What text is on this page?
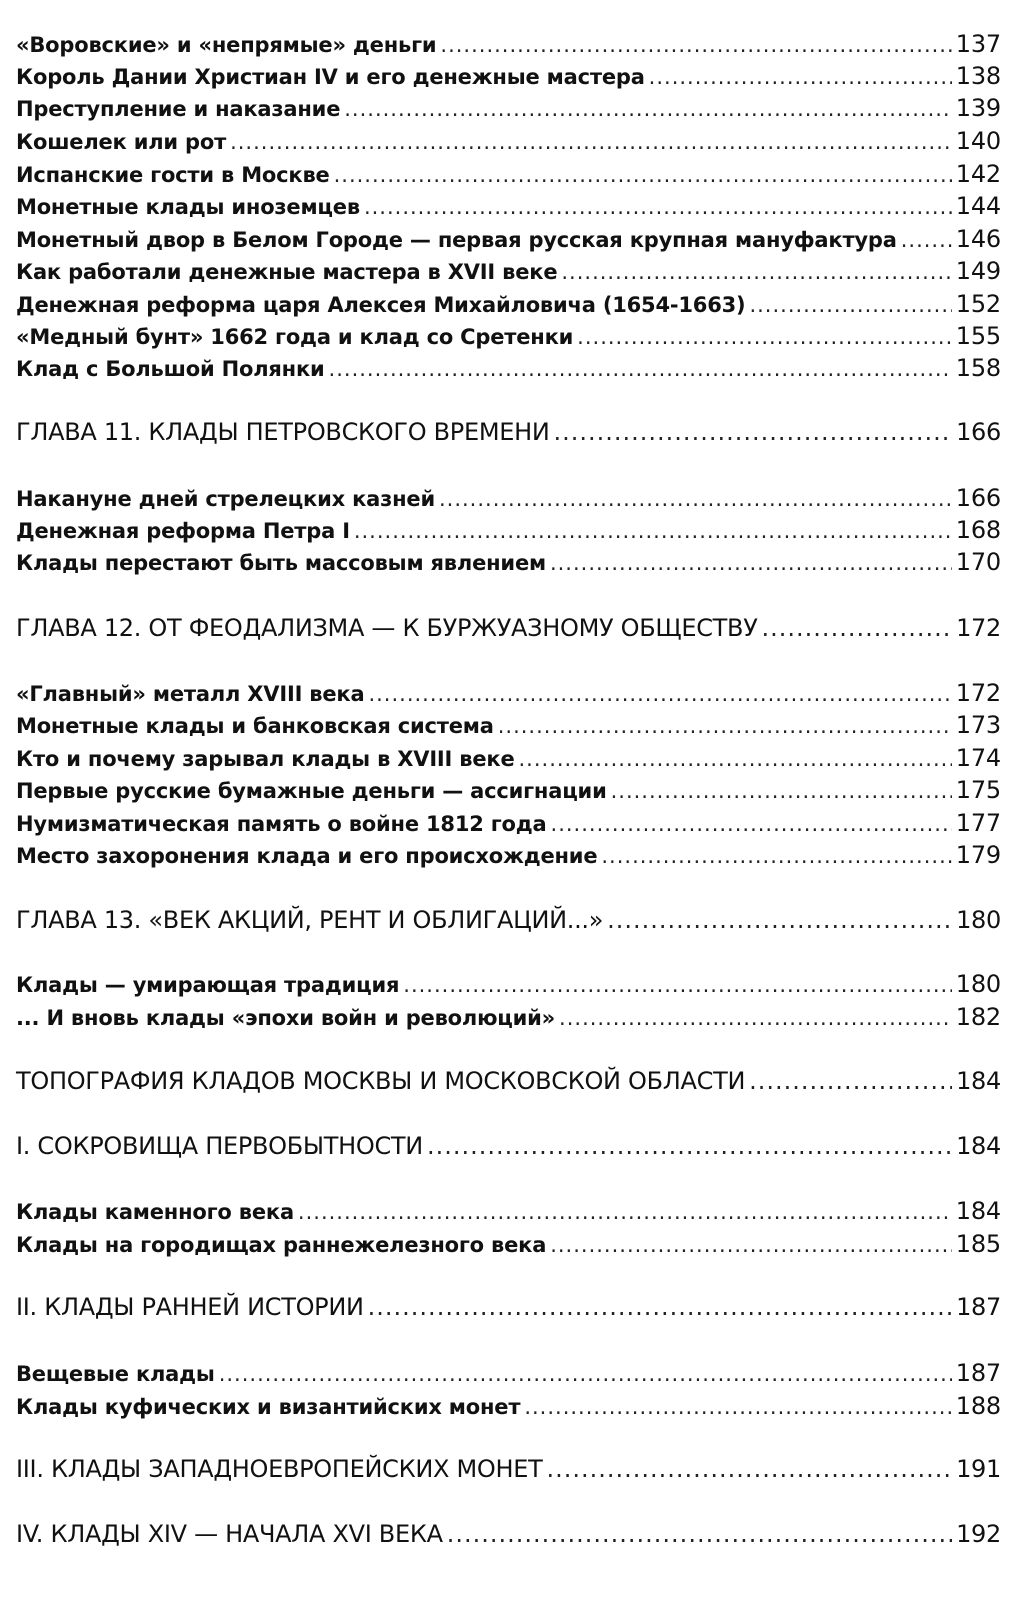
«Воровские» и «непрямые» деньги .....	137
Король Дании Христиан IV и его денежные мастера .....	138
Преступление и наказание .....	139
Кошелек или рот .....	140
Испанские гости в Москве .....	142
Монетные клады иноземцев .....	144
Монетный двор в Белом Городе — первая русская крупная мануфактура ..... 146
Как работали денежные мастера в XVII веке .....	149
Денежная реформа царя Алексея Михайловича (1654-1663) .....	152
«Медный бунт» 1662 года и клад со Сретенки .....	155
Клад с Большой Полянки .....	158
ГЛАВА 11. КЛАДЫ ПЕТРОВСКОГО ВРЕМЕНИ .....	166
Накануне дней стрелецких казней .....	166
Денежная реформа Петра I .....	168
Клады перестают быть массовым явлением .....	170
ГЛАВА 12. ОТ ФЕОДАЛИЗМА — К БУРЖУАЗНОМУ ОБЩЕСТВУ .....	172
«Главный» металл XVIII века .....	172
Монетные клады и банковская система .....	173
Кто и почему зарывал клады в XVIII веке .....	174
Первые русские бумажные деньги — ассигнации .....	175
Нумизматическая память о войне 1812 года .....	177
Место захоронения клада и его происхождение .....	179
ГЛАВА 13. «ВЕК АКЦИЙ, РЕНТ И ОБЛИГАЦИЙ...» .....	180
Клады — умирающая традиция .....	180
... И вновь клады «эпохи войн и революций» .....	182
ТОПОГРАФИЯ КЛАДОВ МОСКВЫ И МОСКОВСКОЙ ОБЛАСТИ .....	184
I. СОКРОВИЩА ПЕРВОБЫТНОСТИ .....	184
Клады каменного века .....	184
Клады на городищах раннежелезного века .....	185
II. КЛАДЫ РАННЕЙ ИСТОРИИ .....	187
Вещевые клады .....	187
Клады куфических и византийских монет .....	188
III. КЛАДЫ ЗАПАДНОЕВРОПЕЙСКИХ МОНЕТ .....	191
IV. КЛАДЫ XIV — НАЧАЛА XVI ВЕКА .....	192
